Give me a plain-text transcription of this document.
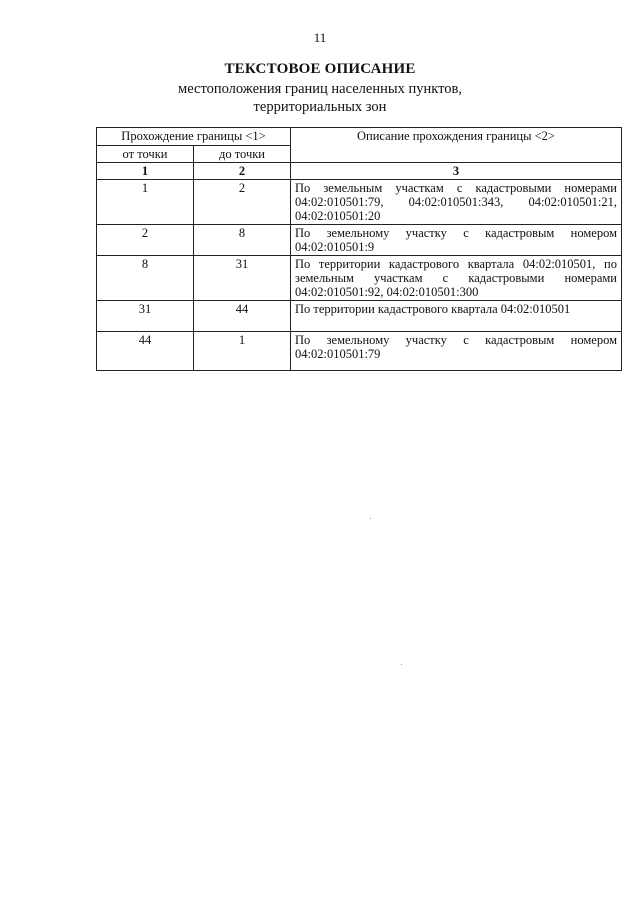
11
ТЕКСТОВОЕ ОПИСАНИЕ
местоположения границ населенных пунктов,
территориальных зон
Прохождение границы <1>		Описание прохождения границы <2>
от точки	до точки	
1	2	3
1	2	По земельным участкам с кадастровыми номерами 04:02:010501:79, 04:02:010501:343, 04:02:010501:21, 04:02:010501:20
2	8	По земельному участку с кадастровым номером 04:02:010501:9
8	31	По территории кадастрового квартала 04:02:010501, по земельным участкам с кадастровыми номерами 04:02:010501:92, 04:02:010501:300
31	44	По территории кадастрового квартала 04:02:010501
44	1	По земельному участку с кадастровым номером 04:02:010501:79
